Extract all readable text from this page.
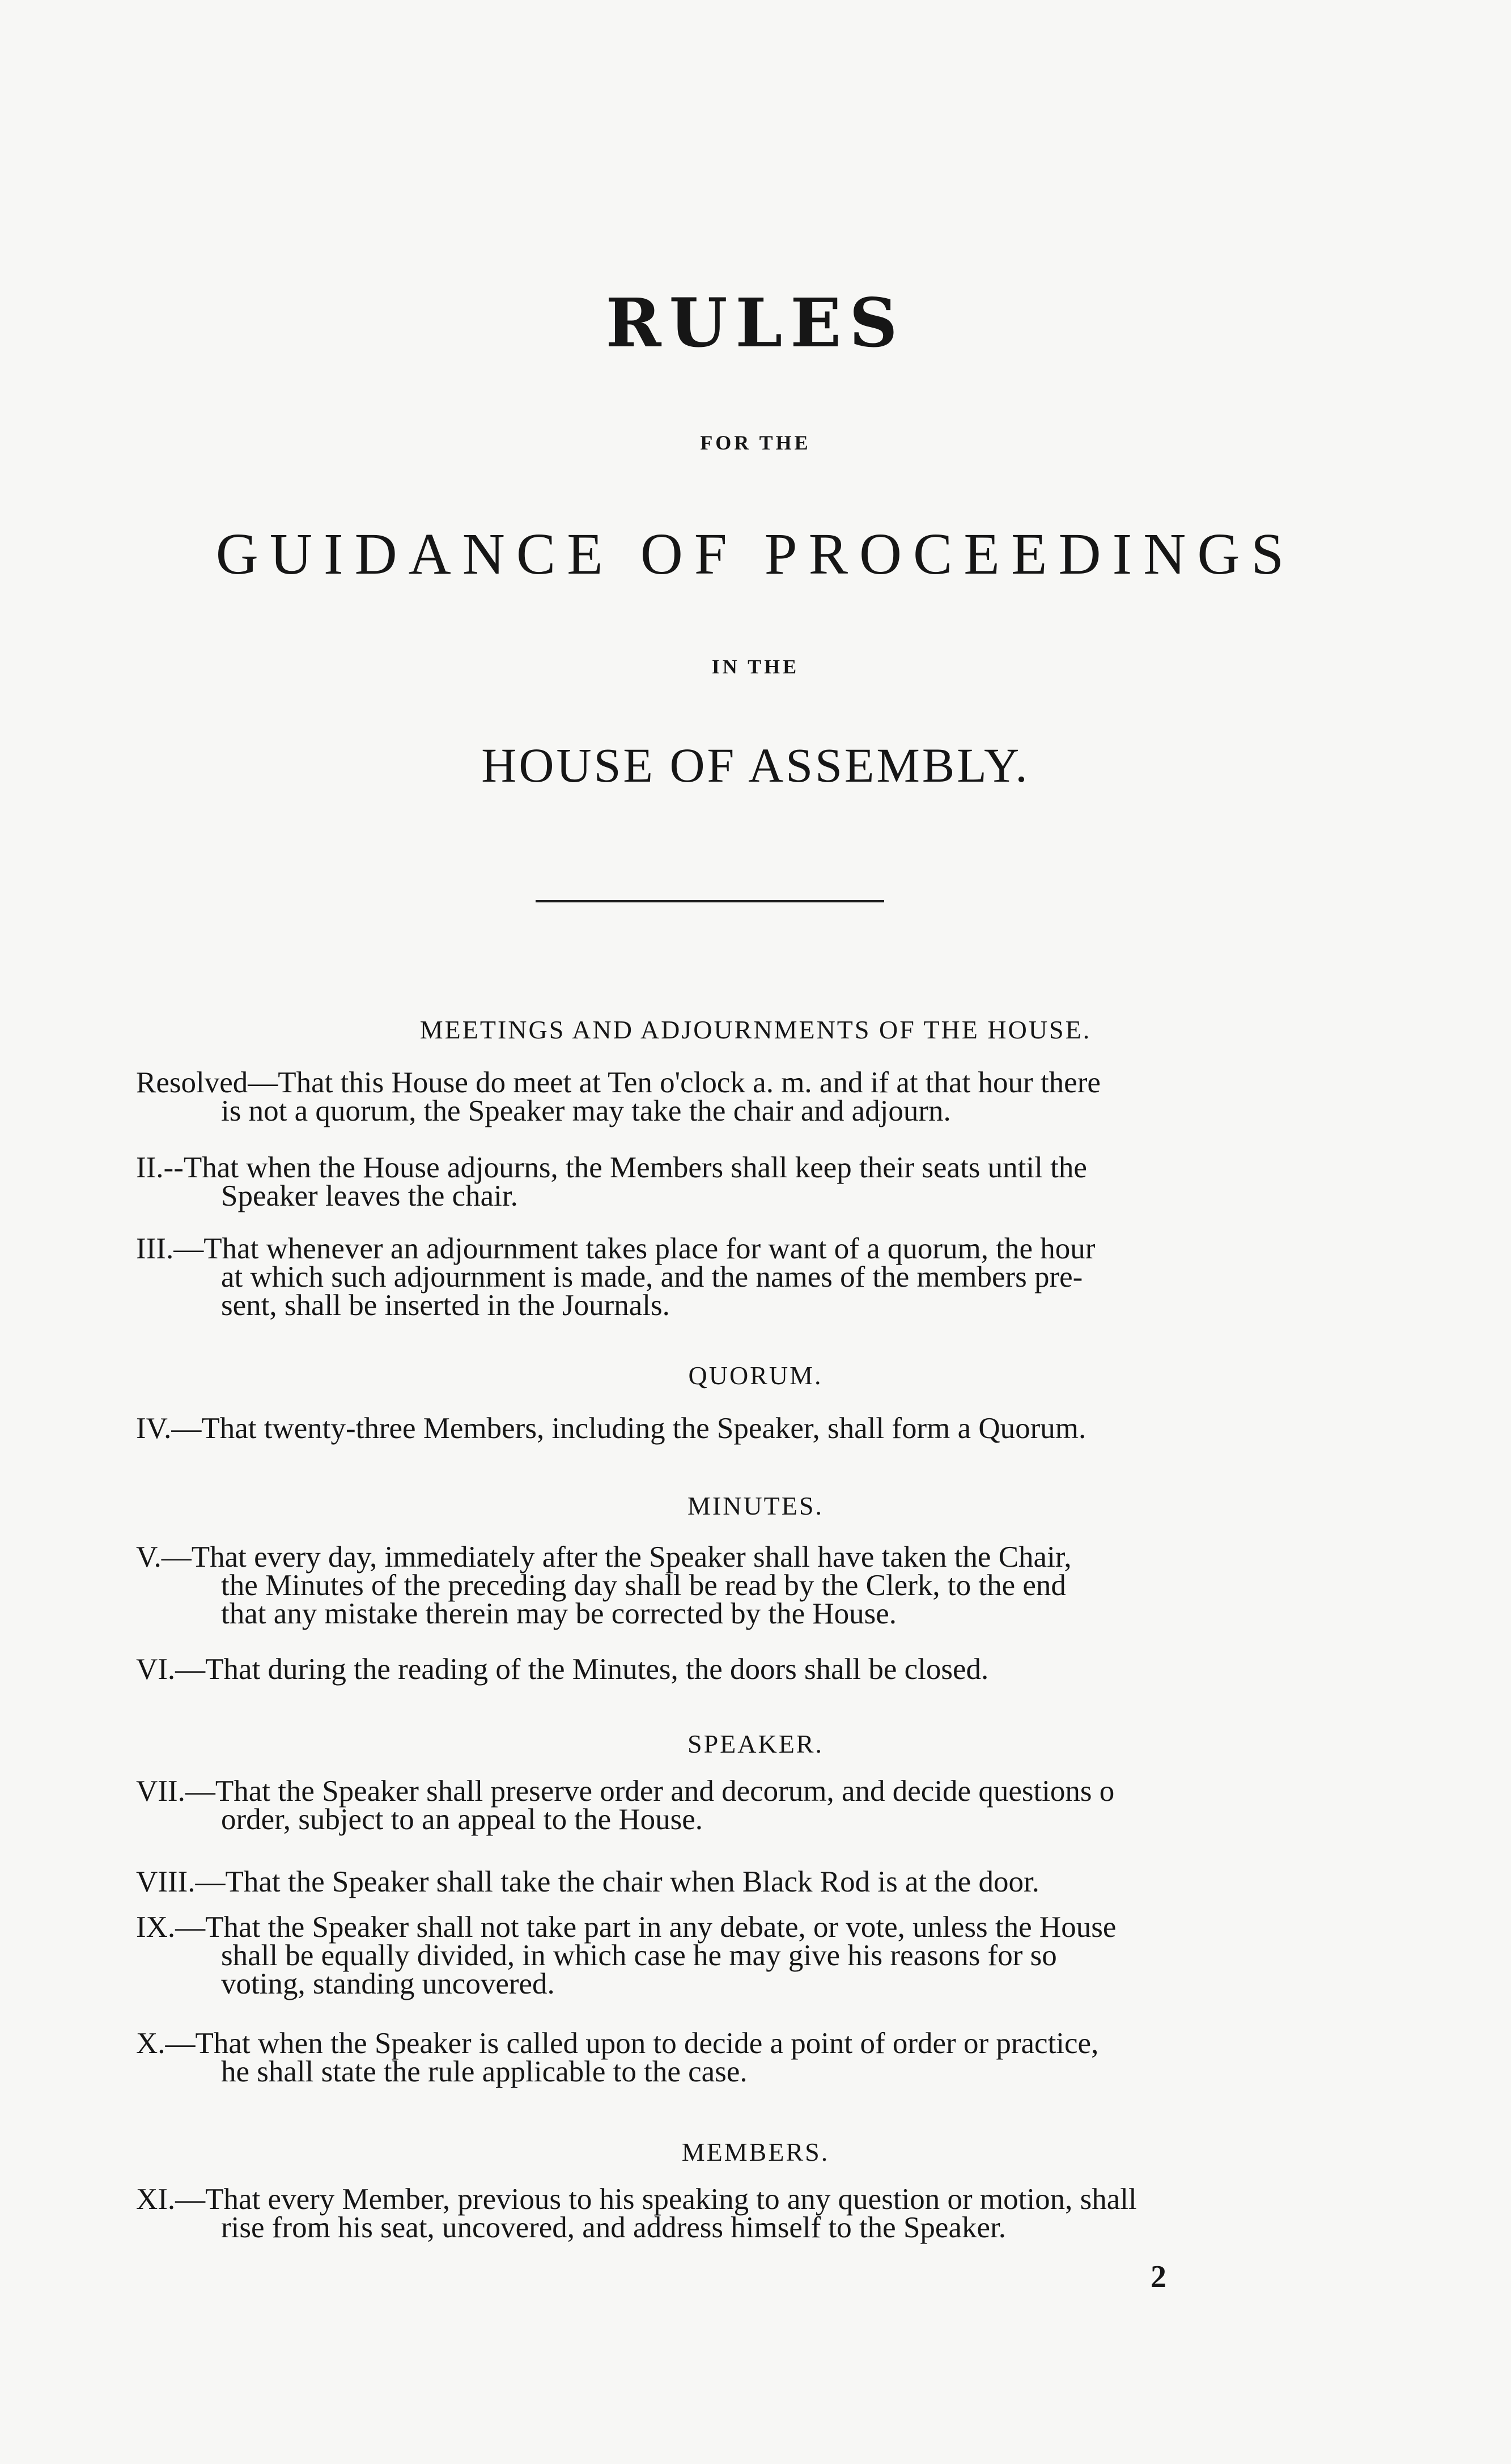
RULES
FOR THE
GUIDANCE OF PROCEEDINGS
IN THE
HOUSE OF ASSEMBLY.
MEETINGS AND ADJOURNMENTS OF THE HOUSE.
Resolved—That this House do meet at Ten o'clock a. m. and if at that hour there
is not a quorum, the Speaker may take the chair and adjourn.
II.--That when the House adjourns, the Members shall keep their seats until the
Speaker leaves the chair.
III.—That whenever an adjournment takes place for want of a quorum, the hour
at which such adjournment is made, and the names of the members pre-
sent, shall be inserted in the Journals.
QUORUM.
IV.—That twenty-three Members, including the Speaker, shall form a Quorum.
MINUTES.
V.—That every day, immediately after the Speaker shall have taken the Chair,
the Minutes of the preceding day shall be read by the Clerk, to the end
that any mistake therein may be corrected by the House.
VI.—That during the reading of the Minutes, the doors shall be closed.
SPEAKER.
VII.—That the Speaker shall preserve order and decorum, and decide questions o
order, subject to an appeal to the House.
VIII.—That the Speaker shall take the chair when Black Rod is at the door.
IX.—That the Speaker shall not take part in any debate, or vote, unless the House
shall be equally divided, in which case he may give his reasons for so
voting, standing uncovered.
X.—That when the Speaker is called upon to decide a point of order or practice,
he shall state the rule applicable to the case.
MEMBERS.
XI.—That every Member, previous to his speaking to any question or motion, shall
rise from his seat, uncovered, and address himself to the Speaker.
2
